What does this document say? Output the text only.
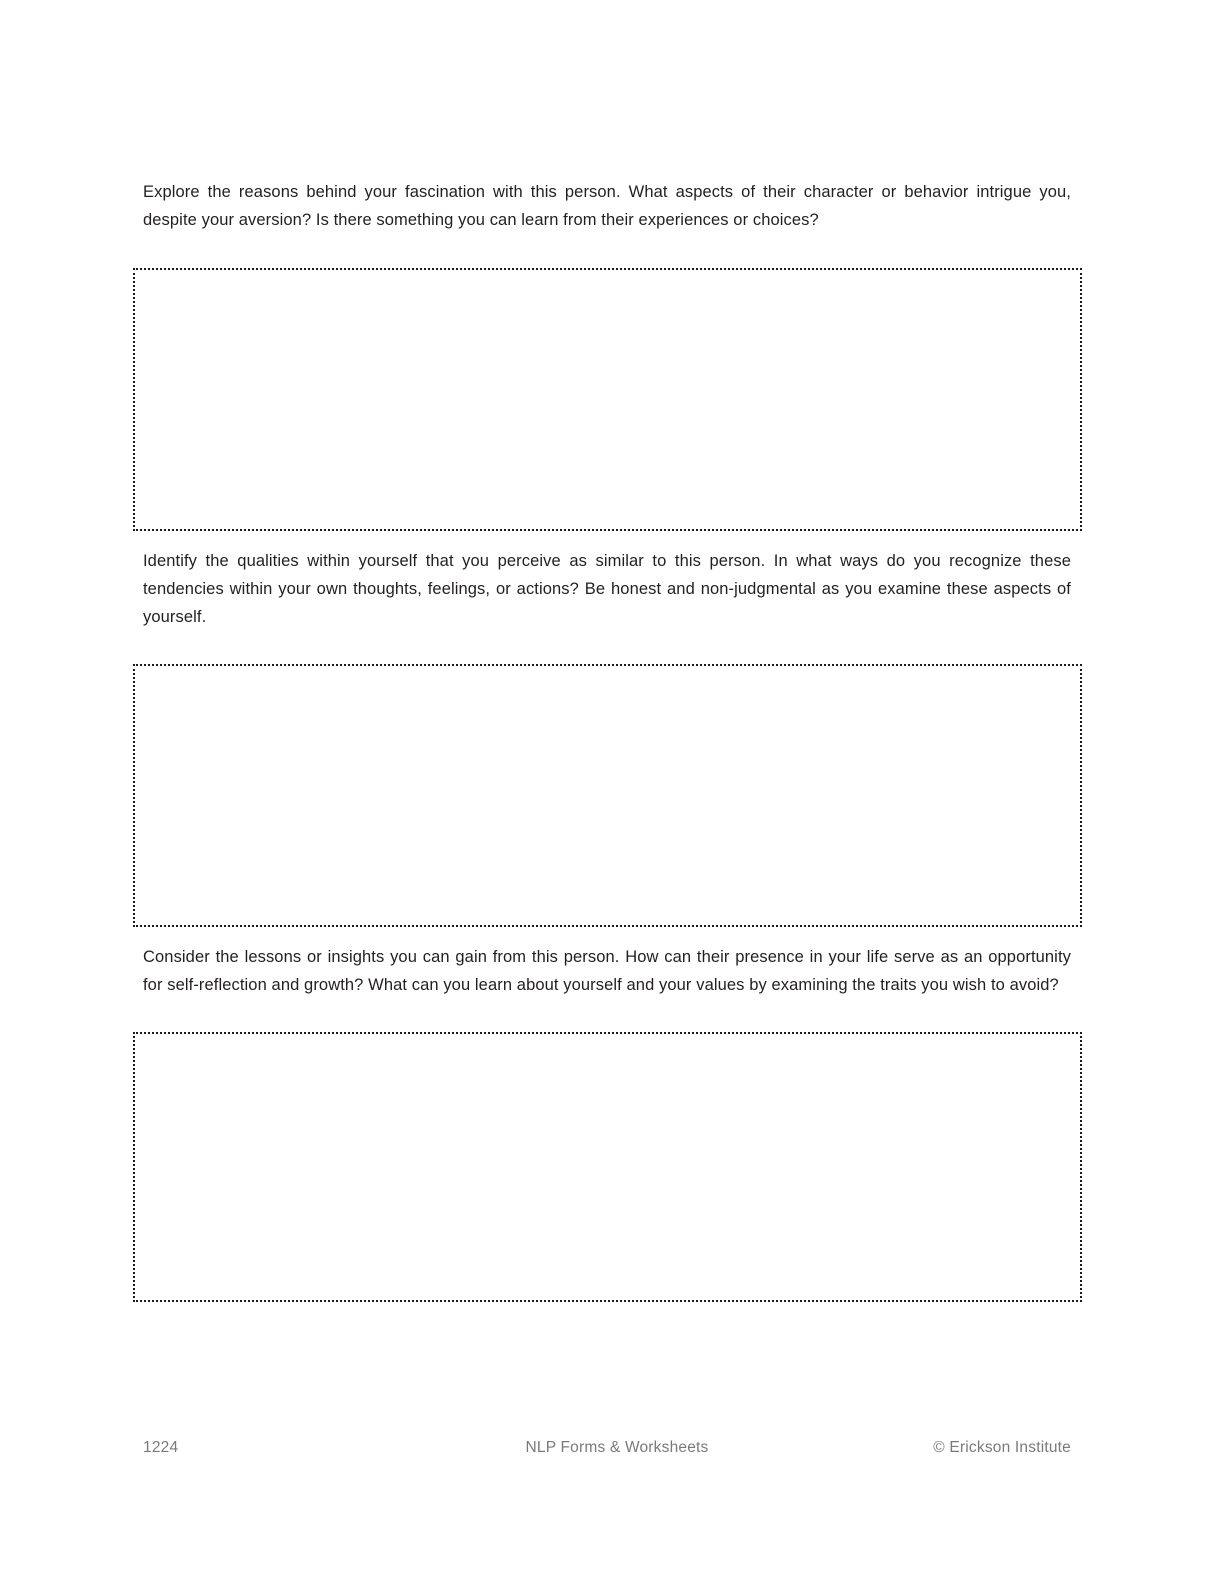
Explore the reasons behind your fascination with this person. What aspects of their character or behavior intrigue you, despite your aversion? Is there something you can learn from their experiences or choices?

Identify the qualities within yourself that you perceive as similar to this person. In what ways do you recognize these tendencies within your own thoughts, feelings, or actions? Be honest and non-judgmental as you examine these aspects of yourself.

Consider the lessons or insights you can gain from this person. How can their presence in your life serve as an opportunity for self-reflection and growth? What can you learn about yourself and your values by examining the traits you wish to avoid?

1224	NLP Forms & Worksheets	© Erickson Institute
